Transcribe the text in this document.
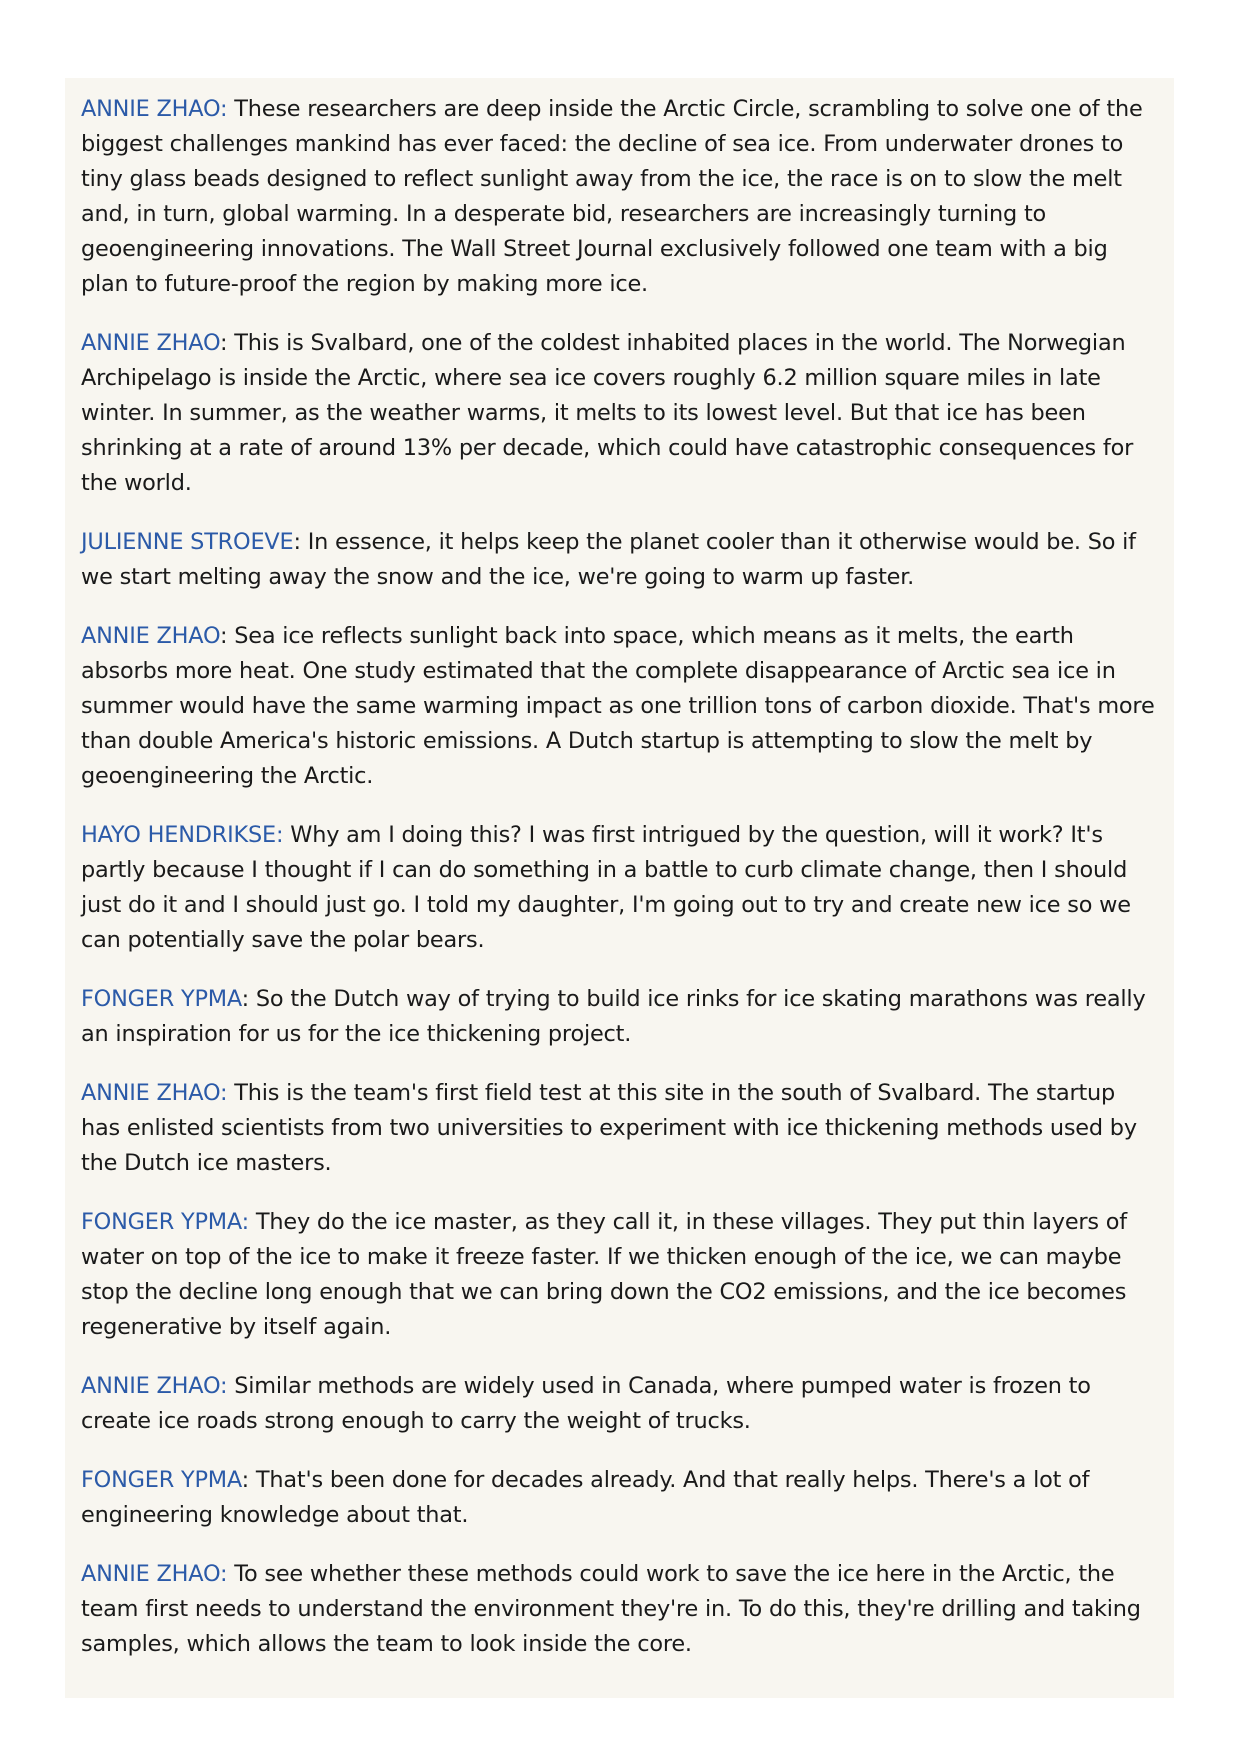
ANNIE ZHAO: These researchers are deep inside the Arctic Circle, scrambling to solve one of the biggest challenges mankind has ever faced: the decline of sea ice. From underwater drones to tiny glass beads designed to reflect sunlight away from the ice, the race is on to slow the melt and, in turn, global warming. In a desperate bid, researchers are increasingly turning to geoengineering innovations. The Wall Street Journal exclusively followed one team with a big plan to future-proof the region by making more ice.

ANNIE ZHAO: This is Svalbard, one of the coldest inhabited places in the world. The Norwegian Archipelago is inside the Arctic, where sea ice covers roughly 6.2 million square miles in late winter. In summer, as the weather warms, it melts to its lowest level. But that ice has been shrinking at a rate of around 13% per decade, which could have catastrophic consequences for the world.

JULIENNE STROEVE: In essence, it helps keep the planet cooler than it otherwise would be. So if we start melting away the snow and the ice, we're going to warm up faster.

ANNIE ZHAO: Sea ice reflects sunlight back into space, which means as it melts, the earth absorbs more heat. One study estimated that the complete disappearance of Arctic sea ice in summer would have the same warming impact as one trillion tons of carbon dioxide. That's more than double America's historic emissions. A Dutch startup is attempting to slow the melt by geoengineering the Arctic.

HAYO HENDRIKSE: Why am I doing this? I was first intrigued by the question, will it work? It's partly because I thought if I can do something in a battle to curb climate change, then I should just do it and I should just go. I told my daughter, I'm going out to try and create new ice so we can potentially save the polar bears.

FONGER YPMA: So the Dutch way of trying to build ice rinks for ice skating marathons was really an inspiration for us for the ice thickening project.

ANNIE ZHAO: This is the team's first field test at this site in the south of Svalbard. The startup has enlisted scientists from two universities to experiment with ice thickening methods used by the Dutch ice masters.

FONGER YPMA: They do the ice master, as they call it, in these villages. They put thin layers of water on top of the ice to make it freeze faster. If we thicken enough of the ice, we can maybe stop the decline long enough that we can bring down the CO2 emissions, and the ice becomes regenerative by itself again.

ANNIE ZHAO: Similar methods are widely used in Canada, where pumped water is frozen to create ice roads strong enough to carry the weight of trucks.

FONGER YPMA: That's been done for decades already. And that really helps. There's a lot of engineering knowledge about that.

ANNIE ZHAO: To see whether these methods could work to save the ice here in the Arctic, the team first needs to understand the environment they're in. To do this, they're drilling and taking samples, which allows the team to look inside the core.
